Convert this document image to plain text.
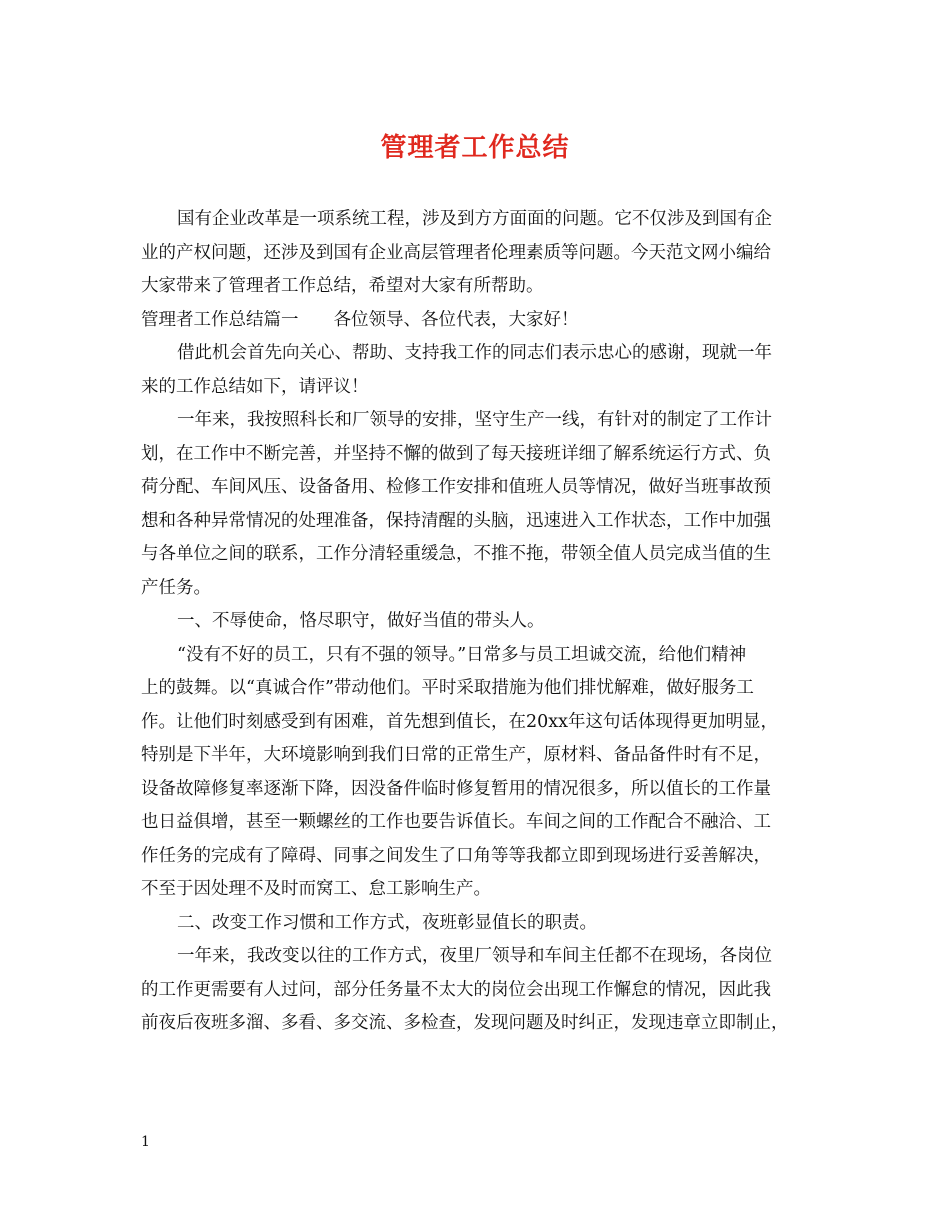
管理者工作总结
国有企业改革是一项系统工程，涉及到方方面面的问题。它不仅涉及到国有企
业的产权问题，还涉及到国有企业高层管理者伦理素质等问题。今天范文网小编给
大家带来了管理者工作总结，希望对大家有所帮助。
管理者工作总结篇一　　各位领导、各位代表，大家好！
借此机会首先向关心、帮助、支持我工作的同志们表示忠心的感谢，现就一年
来的工作总结如下，请评议！
一年来，我按照科长和厂领导的安排，坚守生产一线，有针对的制定了工作计
划，在工作中不断完善，并坚持不懈的做到了每天接班详细了解系统运行方式、负
荷分配、车间风压、设备备用、检修工作安排和值班人员等情况，做好当班事故预
想和各种异常情况的处理准备，保持清醒的头脑，迅速进入工作状态，工作中加强
与各单位之间的联系，工作分清轻重缓急，不推不拖，带领全值人员完成当值的生
产任务。
一、不辱使命，恪尽职守，做好当值的带头人。
“没有不好的员工，只有不强的领导。”日常多与员工坦诚交流，给他们精神
上的鼓舞。以“真诚合作”带动他们。平时采取措施为他们排忧解难，做好服务工
作。让他们时刻感受到有困难，首先想到值长，在20xx年这句话体现得更加明显，
特别是下半年，大环境影响到我们日常的正常生产，原材料、备品备件时有不足，
设备故障修复率逐渐下降，因没备件临时修复暂用的情况很多，所以值长的工作量
也日益俱增，甚至一颗螺丝的工作也要告诉值长。车间之间的工作配合不融洽、工
作任务的完成有了障碍、同事之间发生了口角等等我都立即到现场进行妥善解决，
不至于因处理不及时而窝工、怠工影响生产。
二、改变工作习惯和工作方式，夜班彰显值长的职责。
一年来，我改变以往的工作方式，夜里厂领导和车间主任都不在现场，各岗位
的工作更需要有人过问，部分任务量不太大的岗位会出现工作懈怠的情况，因此我
前夜后夜班多溜、多看、多交流、多检查，发现问题及时纠正，发现违章立即制止，
1
